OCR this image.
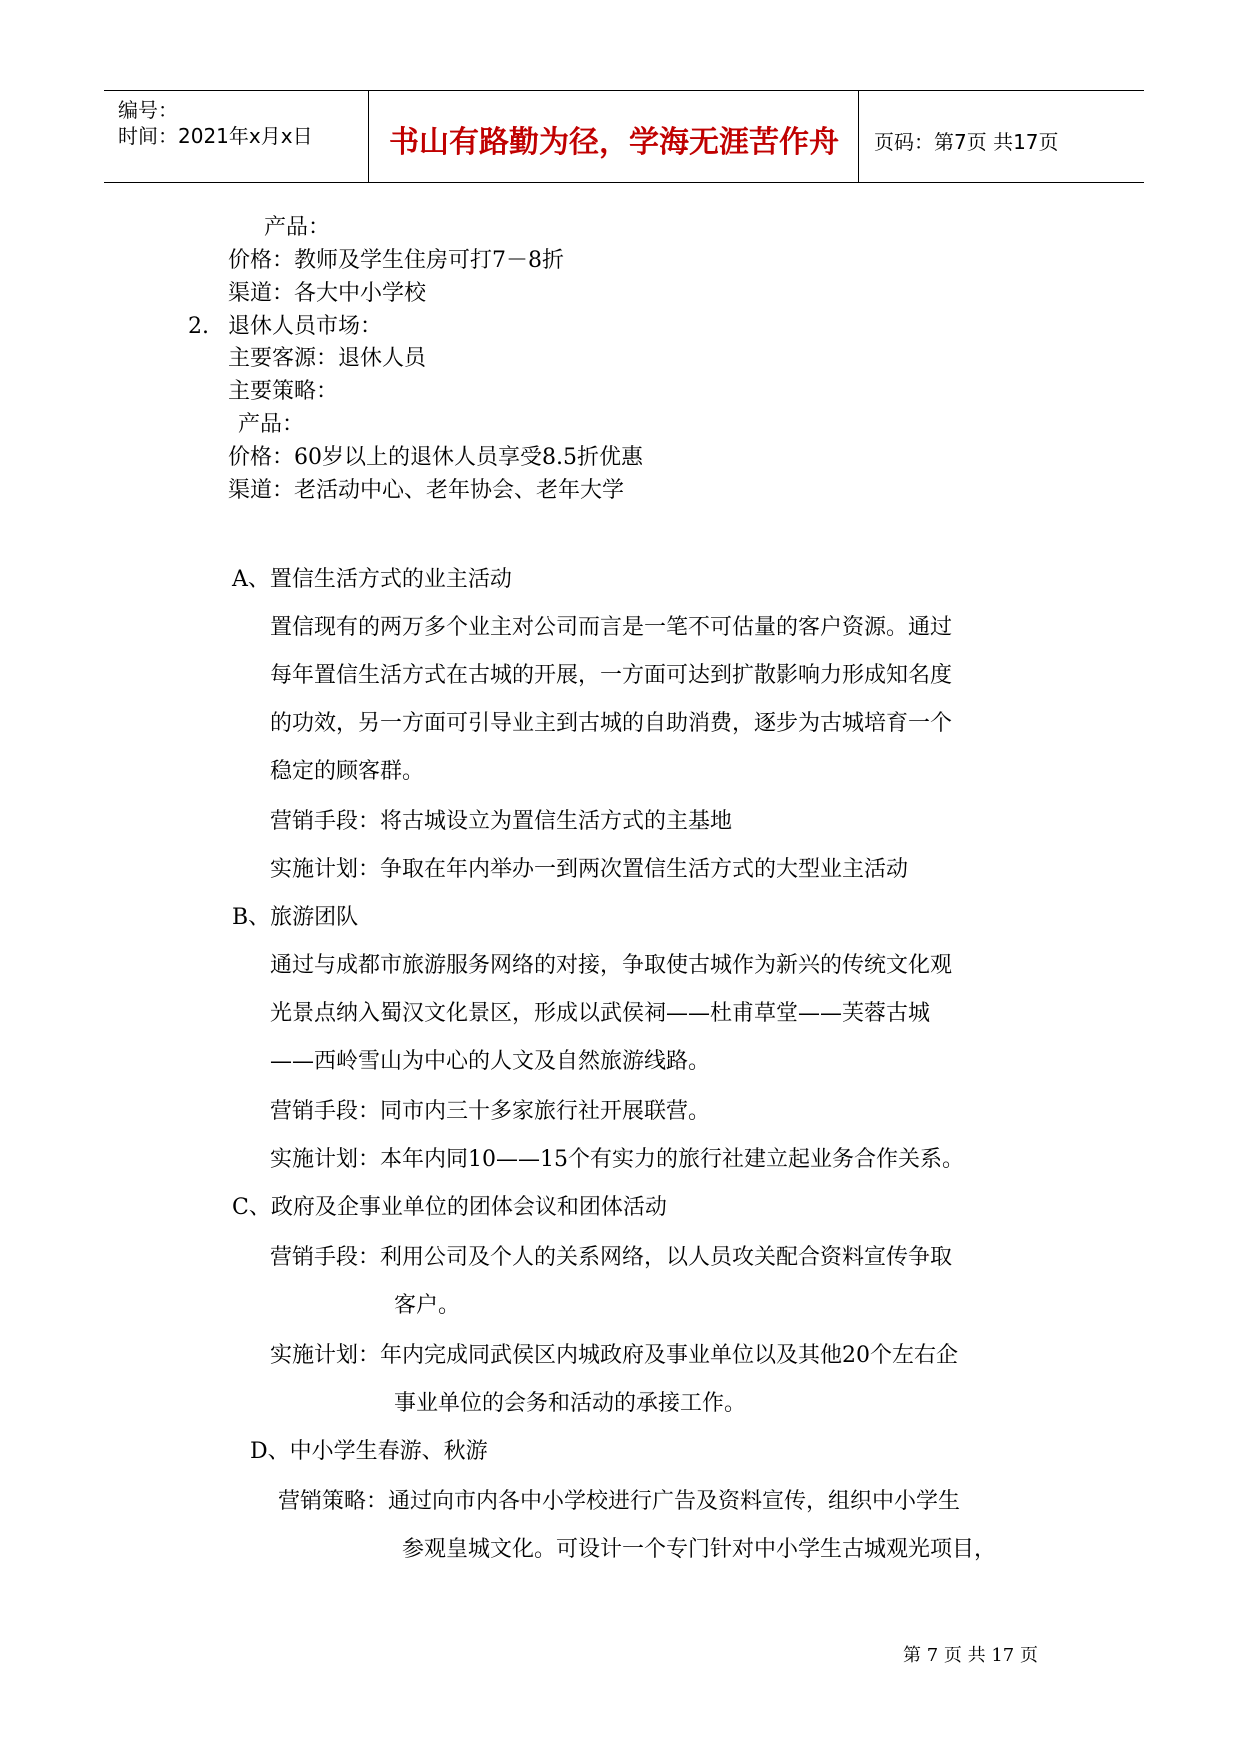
编号：
时间：2021年x月x日	书山有路勤为径，学海无涯苦作舟	页码：第7页 共17页
产品：
价格：教师及学生住房可打7－8折
渠道：各大中小学校
2. 退休人员市场：
主要客源：退休人员
主要策略：
产品：
价格：60岁以上的退休人员享受8.5折优惠
渠道：老活动中心、老年协会、老年大学
A、置信生活方式的业主活动
置信现有的两万多个业主对公司而言是一笔不可估量的客户资源。通过
每年置信生活方式在古城的开展，一方面可达到扩散影响力形成知名度
的功效，另一方面可引导业主到古城的自助消费，逐步为古城培育一个
稳定的顾客群。
营销手段：将古城设立为置信生活方式的主基地
实施计划：争取在年内举办一到两次置信生活方式的大型业主活动
B、旅游团队
通过与成都市旅游服务网络的对接，争取使古城作为新兴的传统文化观
光景点纳入蜀汉文化景区，形成以武侯祠——杜甫草堂——芙蓉古城
——西岭雪山为中心的人文及自然旅游线路。
营销手段：同市内三十多家旅行社开展联营。
实施计划：本年内同10——15个有实力的旅行社建立起业务合作关系。
C、政府及企事业单位的团体会议和团体活动
营销手段：利用公司及个人的关系网络，以人员攻关配合资料宣传争取
客户。
实施计划：年内完成同武侯区内城政府及事业单位以及其他20个左右企
事业单位的会务和活动的承接工作。
D、中小学生春游、秋游
营销策略：通过向市内各中小学校进行广告及资料宣传，组织中小学生
参观皇城文化。可设计一个专门针对中小学生古城观光项目，
第 7 页 共 17 页
